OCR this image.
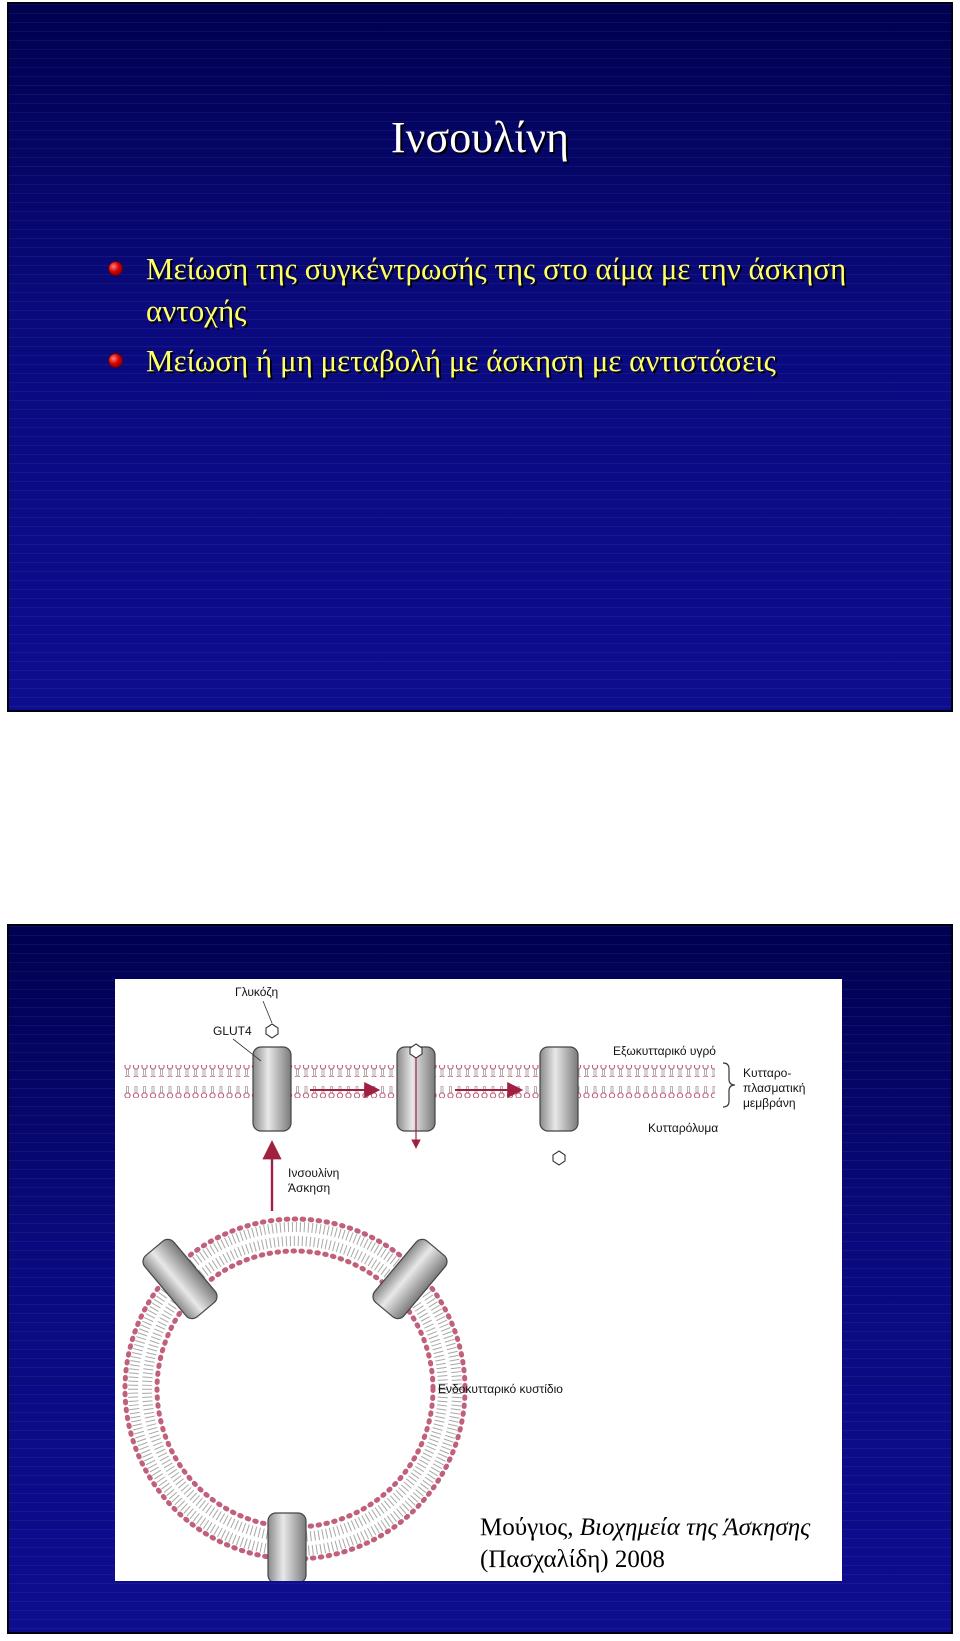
Ινσουλίνη
Μείωση της συγκέντρωσής της στο αίμα με την άσκηση αντοχής
Μείωση ή μη μεταβολή με άσκηση με αντιστάσεις
Γλυκόζη
GLUT4
Εξωκυτταρικό υγρό
Κυτταρο-
πλασματική
μεμβράνη
Κυτταρόλυμα
Ινσουλίνη
Άσκηση
Ενδοκυτταρικό κυστίδιο
Μούγιος, Βιοχημεία της Άσκησης
(Πασχαλίδη) 2008
